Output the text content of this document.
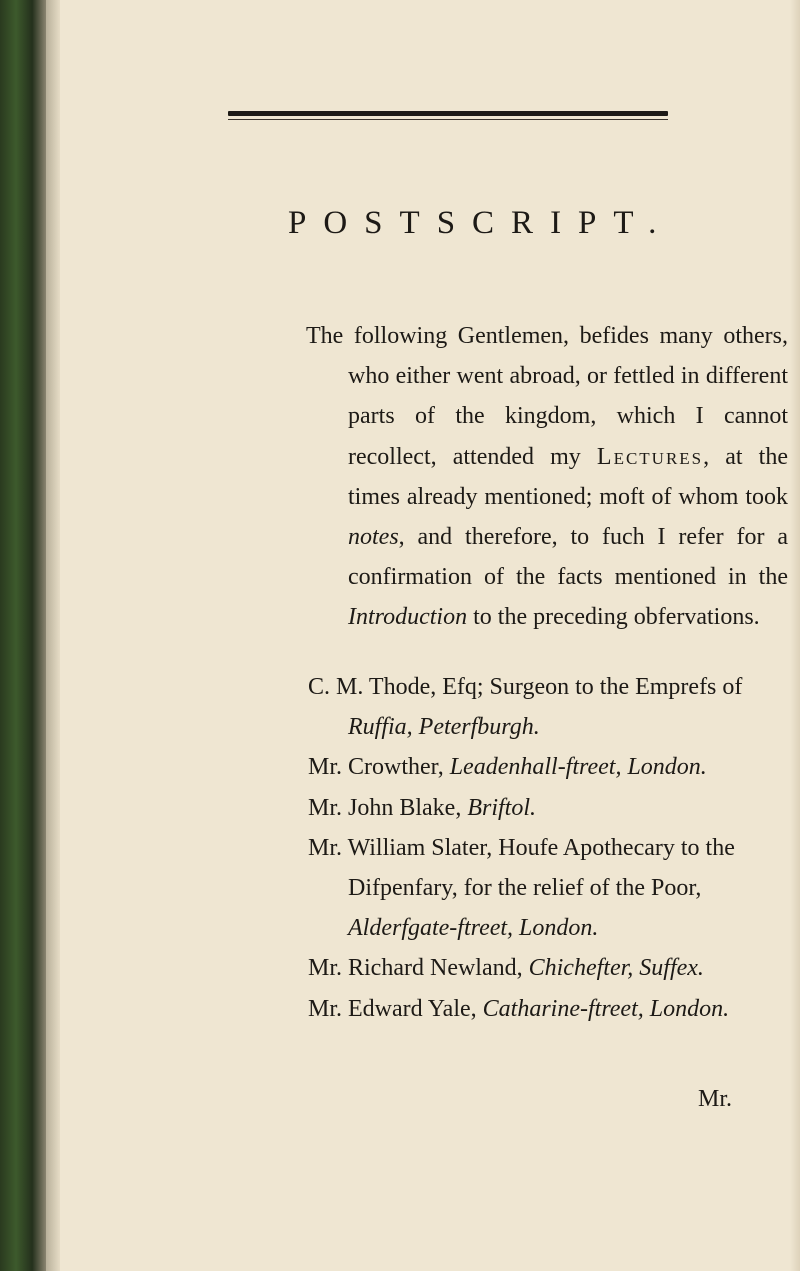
POSTSCRIPT.

The following Gentlemen, befides many others, who either went abroad, or fettled in different parts of the kingdom, which I cannot recollect, attended my Lectures, at the times already mentioned; moft of whom took notes, and therefore, to fuch I refer for a confirmation of the facts mentioned in the Introduction to the preceding obfervations.

C. M. Thode, Efq; Surgeon to the Emprefs of Ruffia, Peterfburgh.
Mr. Crowther, Leadenhall-ftreet, London.
Mr. John Blake, Briftol.
Mr. William Slater, Houfe Apothecary to the Difpenfary, for the relief of the Poor, Alderfgate-ftreet, London.
Mr. Richard Newland, Chichefter, Suffex.
Mr. Edward Yale, Catharine-ftreet, London.
Mr.
